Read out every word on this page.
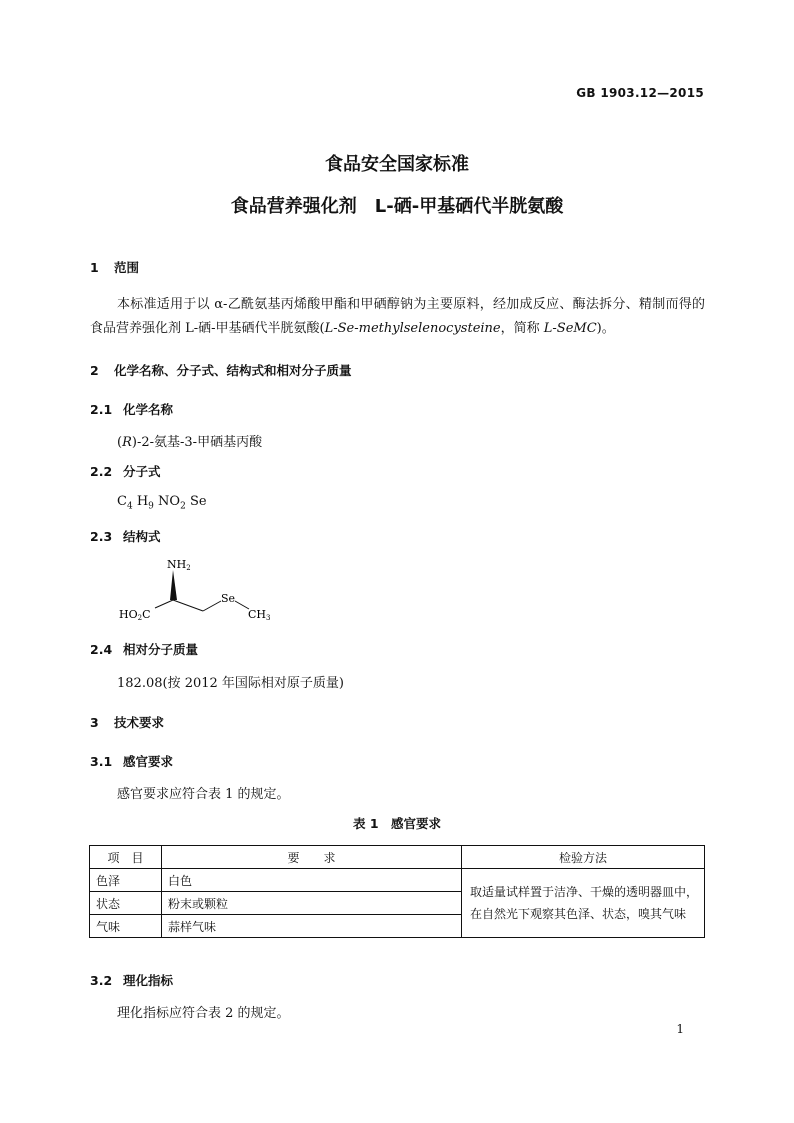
GB 1903.12—2015
食品安全国家标准
食品营养强化剂　L-硒-甲基硒代半胱氨酸
1 范围
本标准适用于以 α-乙酰氨基丙烯酸甲酯和甲硒醇钠为主要原料，经加成反应、酶法拆分、精制而得的食品营养强化剂 L-硒-甲基硒代半胱氨酸(L-Se-methylselenocysteine，简称 L-SeMC)。
2 化学名称、分子式、结构式和相对分子质量
2.1 化学名称
(R)-2-氨基-3-甲硒基丙酸
2.2 分子式
$C_4$ $H_9$ $NO_2$ Se
2.3 结构式
NH2
Se
HO2C	CH3
2.4 相对分子质量
182.08(按 2012 年国际相对原子质量)
3 技术要求
3.1 感官要求
感官要求应符合表 1 的规定。
表 1　感官要求
项　目	要　　求	检验方法
色泽	白色	取适量试样置于洁净、干燥的透明器皿中，
在自然光下观察其色泽、状态，嗅其气味
状态	粉末或颗粒	
气味	蒜样气味	
3.2 理化指标
理化指标应符合表 2 的规定。
1
